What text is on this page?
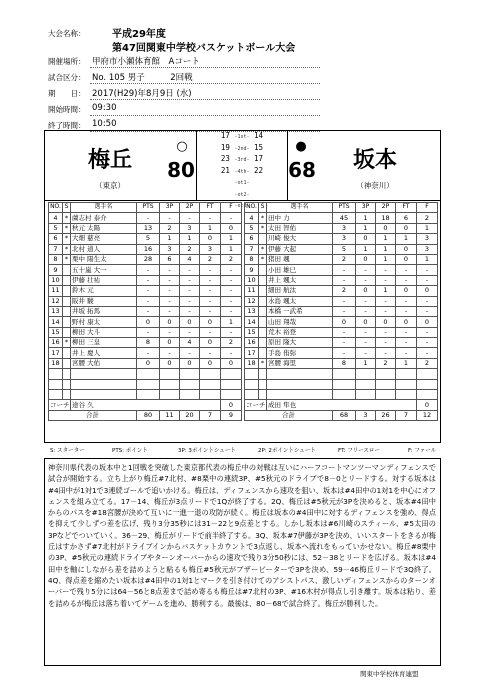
大会名称：	平成29年度
第47回関東中学校バスケットボール大会
開催場所： 甲府市小瀬体育館　Aコート
試合区分： No. 105 男子　　　2回戦
期　　日： 2017(H29)年8月9日 (水)
開始時間： 09:30
終了時間： 10:50
梅丘
（東京）
○
80
17 -1st- 14
19 -2nd- 15
23 -3rd- 17
21 -4th- 22
-ot1-
-ot2-
-ot3-
●
68	坂本
（神奈川）
NO.	S	選手名	PTS	3P	2P	FT	F
4	*	薗志村 泰介	-	-	-	-	-
5	*	秋元 太陽	13	2	3	1	0
6	*	大畑 慈亮	5	1	1	0	1
7	*	北村 道人	16	3	2	3	1
8	*	栗中 陽生太	28	6	4	2	2
9		五十嵐 大一	-	-	-	-	-
10		伊藤 壮祐	-	-	-	-	-
11		鈴木 元	-	-	-	-	-
12		阪井 駿	-	-	-	-	-
13		井坂 拓馬	-	-	-	-	-
14		野村 康太	0	0	0	0	1
15		柳田 大斗	-	-	-	-	-
16	*	柳田 三皇	8	0	4	0	2
17		井上 慶人	-	-	-	-	-
18		宮腰 大佑	0	0	0	0	0

コーチ		途谷 久					0
合計			80	11	20	7	9
NO.	S	選手名	PTS	3P	2P	FT	F
4	*	田中 力	45	1	18	6	2
5	*	太田 智佑	3	1	0	0	1
6		川崎 俊大	3	0	1	1	3
7	*	伊藤 大起	5	1	1	0	3
8	*	猪田 颯	2	0	1	0	1
9		小田 雄巳	-	-	-	-	-
10		井上 颯太	-	-	-	-	-
11		細田 航汰	2	0	1	0	0
12		水島 颯太	-	-	-	-	-
13		本橋 一武希	-	-	-	-	-
14		山田 翔哉	0	0	0	0	0
15		荒木 裕登	-	-	-	-	-
16		原田 隆大	-	-	-	-	-
17		手島 侑弥	-	-	-	-	-
18	*	宮腰 海里	8	1	2	1	2

コーチ		成田 隼也					0
合計			68	3	26	7	12
S: スターター	PTS: ポイント	3P: 3ポイントシュート	2P: 2ポイントシュート	FT: フリースロー	F: ファール
神奈川県代表の坂本中と1回戦を突破した東京都代表の梅丘中の対戦は互いにハーフコートマンツーマンディフェンスで試合が開始する。立ち上がり梅丘#7北村、#8栗中の連続3P、#5秋元のドライブで8－0とリードする。対する坂本は#4田中が1対1で3連続ゴールで追いかける。梅丘は、ディフェンスから速攻を狙い、坂本は#4田中の1対1を中心にオフェンスを組み立てる。17－14、梅丘が3点リードで1Qが終了する。2Q、梅丘は#5秋元が3Pを決めると、坂本#4田中からのパスを#18宮腰が決めて互いに一進一退の攻防が続く。梅丘は坂本の#4田中に対するディフェンスを強め、得点を抑えて少しずつ差を広げ、残り3分35秒には31－22と9点差とする。しかし坂本は#6川崎のスティール、#5太田の3Pなどでついていく。36－29、梅丘がリードで前半終了する。3Q、坂本#7伊藤が3Pを決め、いいスタートをきるが梅丘はすかさず#7北村がドライブインからバスケットカウントで3点返し、坂本へ流れをもっていかせない。梅丘#8栗中の3P、#5秋元の連続ドライブやターンオーバーからの速攻で残り3分50秒には、52－38とリードを広げる。坂本は#4田中を軸にしながら差を詰めようと粘るも梅丘#5秋元がブザービーターで3Pを決め、59－46梅丘リードで3Q終了。4Q、得点差を縮めたい坂本は#4田中の1対1とマークを引き付けてのアシストパス、激しいディフェンスからのターンオーバーで残り5分には64－56と8点差まで詰め寄るも梅丘は#7北村の3P、#16木村が得点し引き離す。坂本は粘り、差を詰めるが梅丘は落ち着いてゲームを進め、勝利する。最後は、80－68で試合終了。梅丘が勝利した。
関東中学校体育連盟
